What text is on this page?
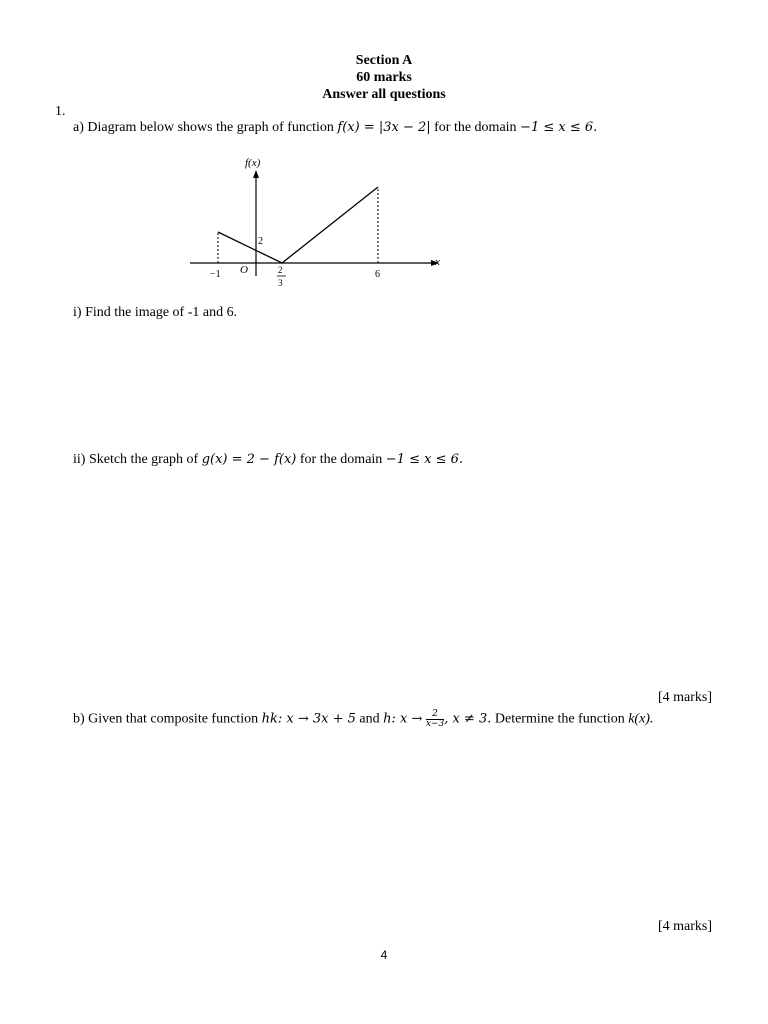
Section A
60 marks
Answer all questions
1.
a) Diagram below shows the graph of function f(x) = |3x − 2| for the domain −1 ≤ x ≤ 6.
f(x)
x
O
−1	6
2
3
2
i) Find the image of -1 and 6.
ii) Sketch the graph of g(x) = 2 − f(x) for the domain −1 ≤ x ≤ 6.
[4 marks]
b) Given that composite function hk: x → 3x + 5 and h: $x \to \frac{2}{x-3}$ , x ≠ 3. Determine the function k(x).
[4 marks]
4
